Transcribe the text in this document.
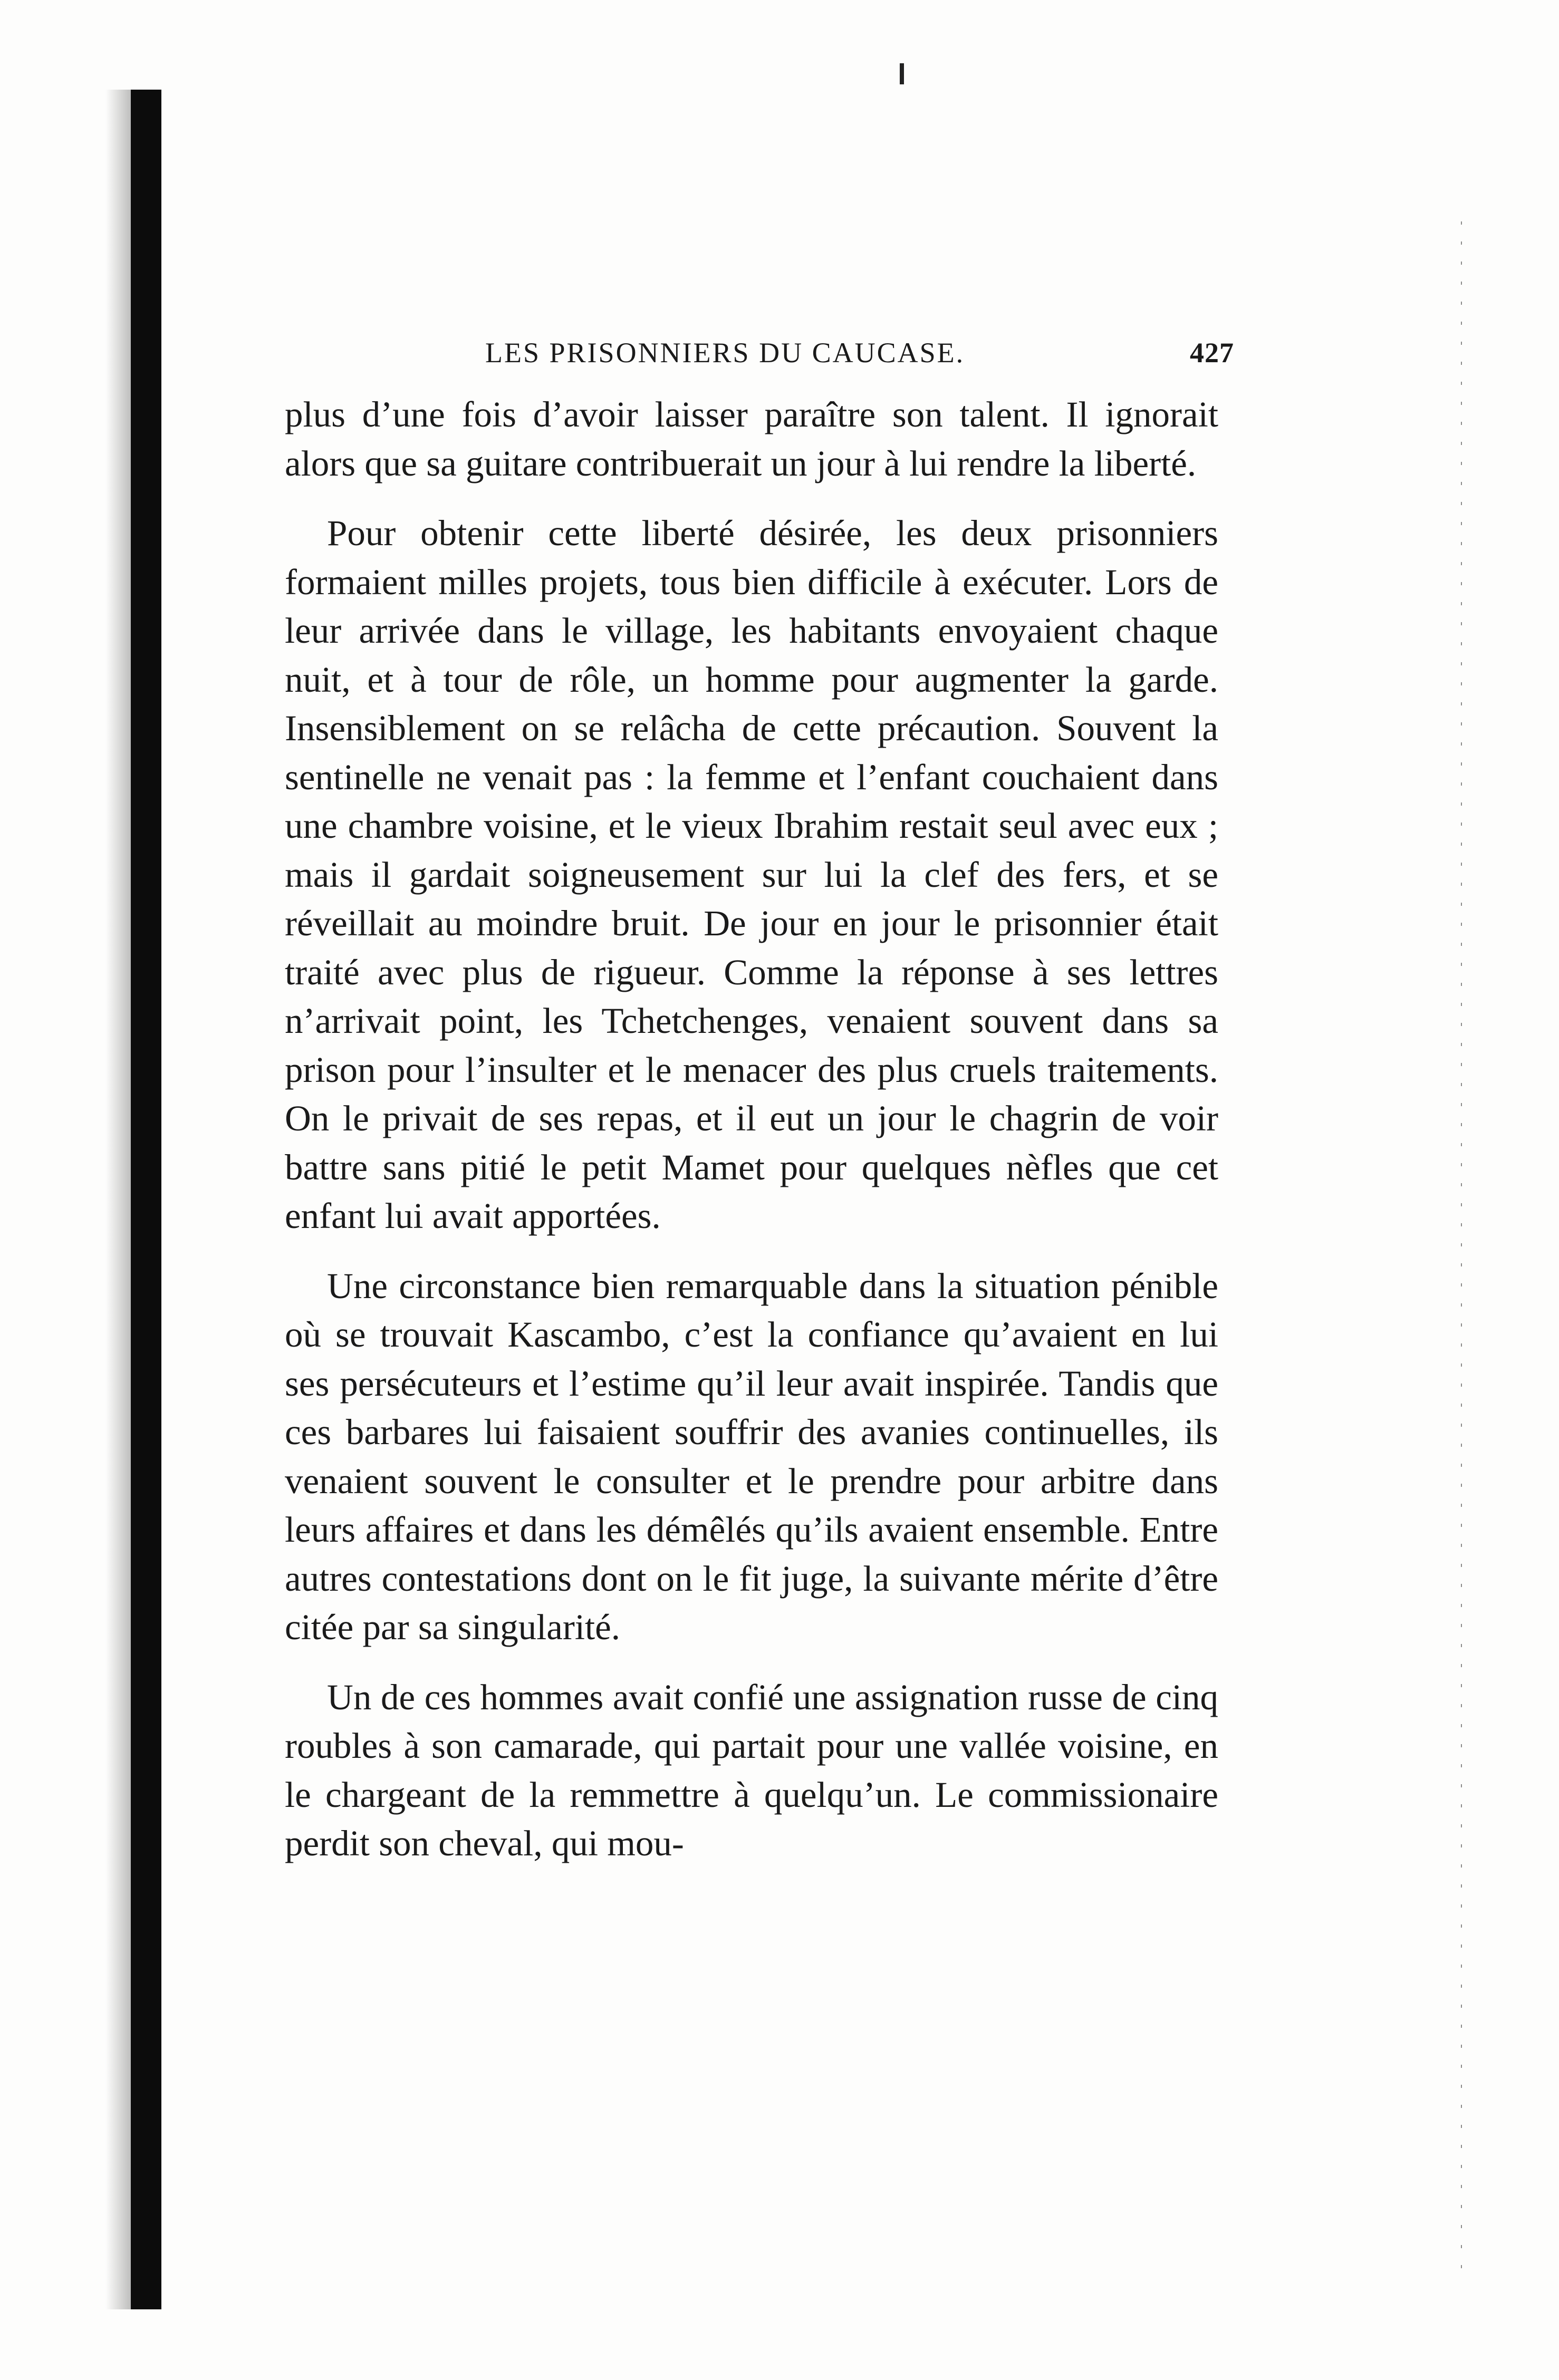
LES PRISONNIERS DU CAUCASE.	427

plus d’une fois d’avoir laisser paraître son talent. Il ignorait alors que sa guitare contribuerait un jour à lui rendre la liberté.

Pour obtenir cette liberté désirée, les deux prisonniers formaient milles projets, tous bien difficile à exécuter. Lors de leur arrivée dans le village, les habitants envoyaient chaque nuit, et à tour de rôle, un homme pour augmenter la garde. Insensiblement on se relâcha de cette précaution. Souvent la sentinelle ne venait pas : la femme et l’enfant couchaient dans une chambre voisine, et le vieux Ibrahim restait seul avec eux ; mais il gardait soigneusement sur lui la clef des fers, et se réveillait au moindre bruit. De jour en jour le prisonnier était traité avec plus de rigueur. Comme la réponse à ses lettres n’arrivait point, les Tchetchenges, venaient souvent dans sa prison pour l’insulter et le menacer des plus cruels traitements. On le privait de ses repas, et il eut un jour le chagrin de voir battre sans pitié le petit Mamet pour quelques nèfles que cet enfant lui avait apportées.

Une circonstance bien remarquable dans la situation pénible où se trouvait Kascambo, c’est la confiance qu’avaient en lui ses persécuteurs et l’estime qu’il leur avait inspirée. Tandis que ces barbares lui faisaient souffrir des avanies continuelles, ils venaient souvent le consulter et le prendre pour arbitre dans leurs affaires et dans les démêlés qu’ils avaient ensemble. Entre autres contestations dont on le fit juge, la suivante mérite d’être citée par sa singularité.

Un de ces hommes avait confié une assignation russe de cinq roubles à son camarade, qui partait pour une vallée voisine, en le chargeant de la remmettre à quelqu’un. Le commissionaire perdit son cheval, qui mou-
